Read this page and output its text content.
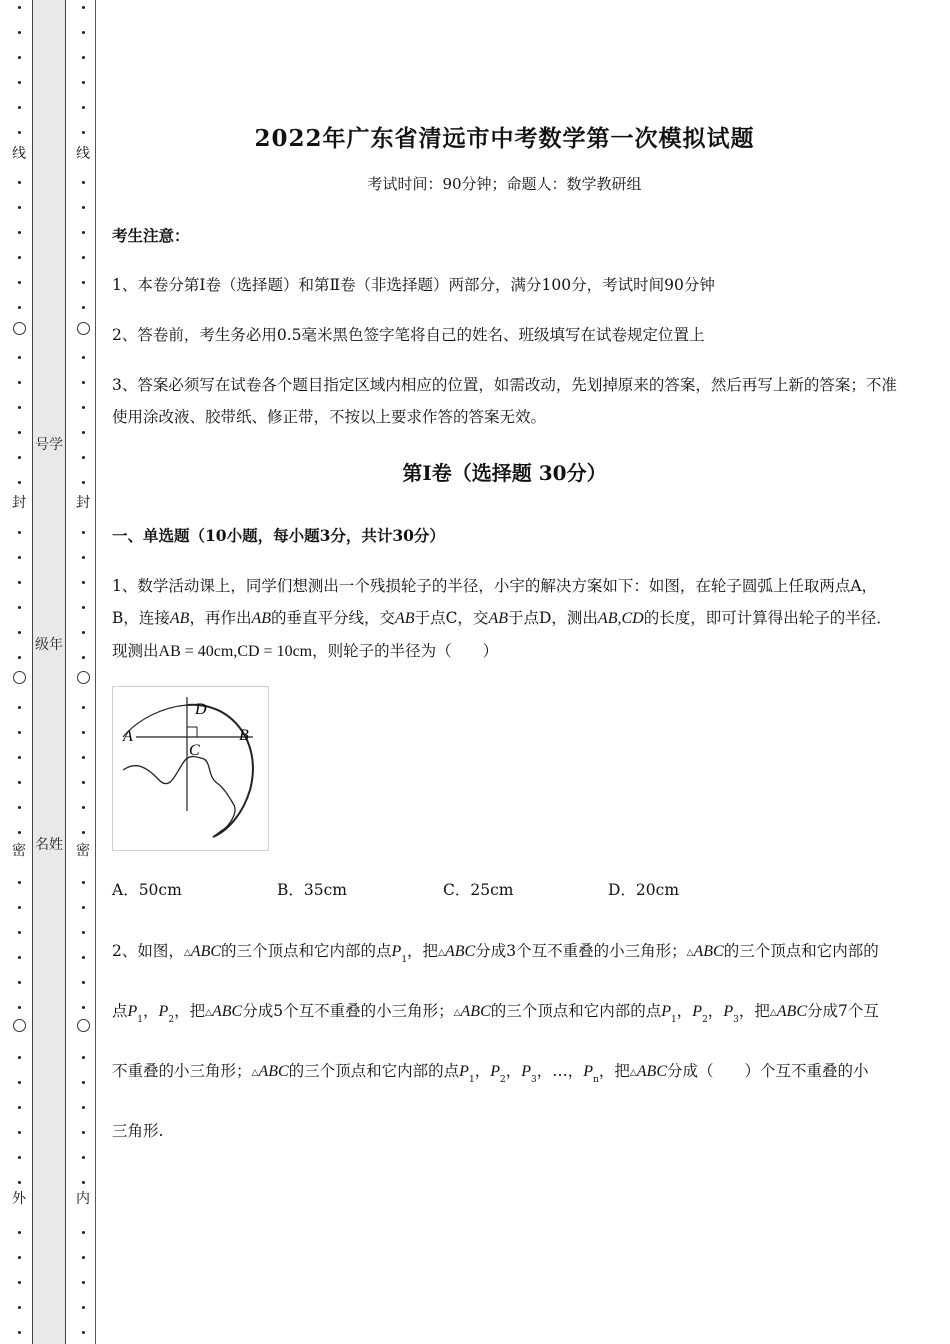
线
封
密
外
号学
级年
名姓
线
封
密
内
2022年广东省清远市中考数学第一次模拟试题
考试时间：90分钟；命题人：数学教研组
考生注意：
1、本卷分第Ⅰ卷（选择题）和第Ⅱ卷（非选择题）两部分，满分100分，考试时间90分钟
2、答卷前，考生务必用0.5毫米黑色签字笔将自己的姓名、班级填写在试卷规定位置上
3、答案必须写在试卷各个题目指定区域内相应的位置，如需改动，先划掉原来的答案，然后再写上新的答案；不准使用涂改液、胶带纸、修正带，不按以上要求作答的答案无效。
第I卷（选择题 30分）
一、单选题（10小题，每小题3分，共计30分）
1、数学活动课上，同学们想测出一个残损轮子的半径，小宇的解决方案如下：如图，在轮子圆弧上任取两点A，B，连接AB，再作出AB的垂直平分线，交AB于点C，交AB于点D，测出AB,CD的长度，即可计算得出轮子的半径．现测出AB = 40cm,CD = 10cm，则轮子的半径为（　　）
D
A	B
C
A．50cm	B．35cm	C．25cm	D．20cm
2、如图，△ABC的三个顶点和它内部的点$P_1$，把△ABC分成3个互不重叠的小三角形；△ABC的三个顶点和它内部的点$P_1$，$P_2$，把△ABC分成5个互不重叠的小三角形；△ABC的三个顶点和它内部的点$P_1$，$P_2$，$P_3$，把△ABC分成7个互不重叠的小三角形；△ABC的三个顶点和它内部的点$P_1$，$P_2$，$P_3$，…，$P_n$，把△ABC分成（　　）个互不重叠的小三角形.
